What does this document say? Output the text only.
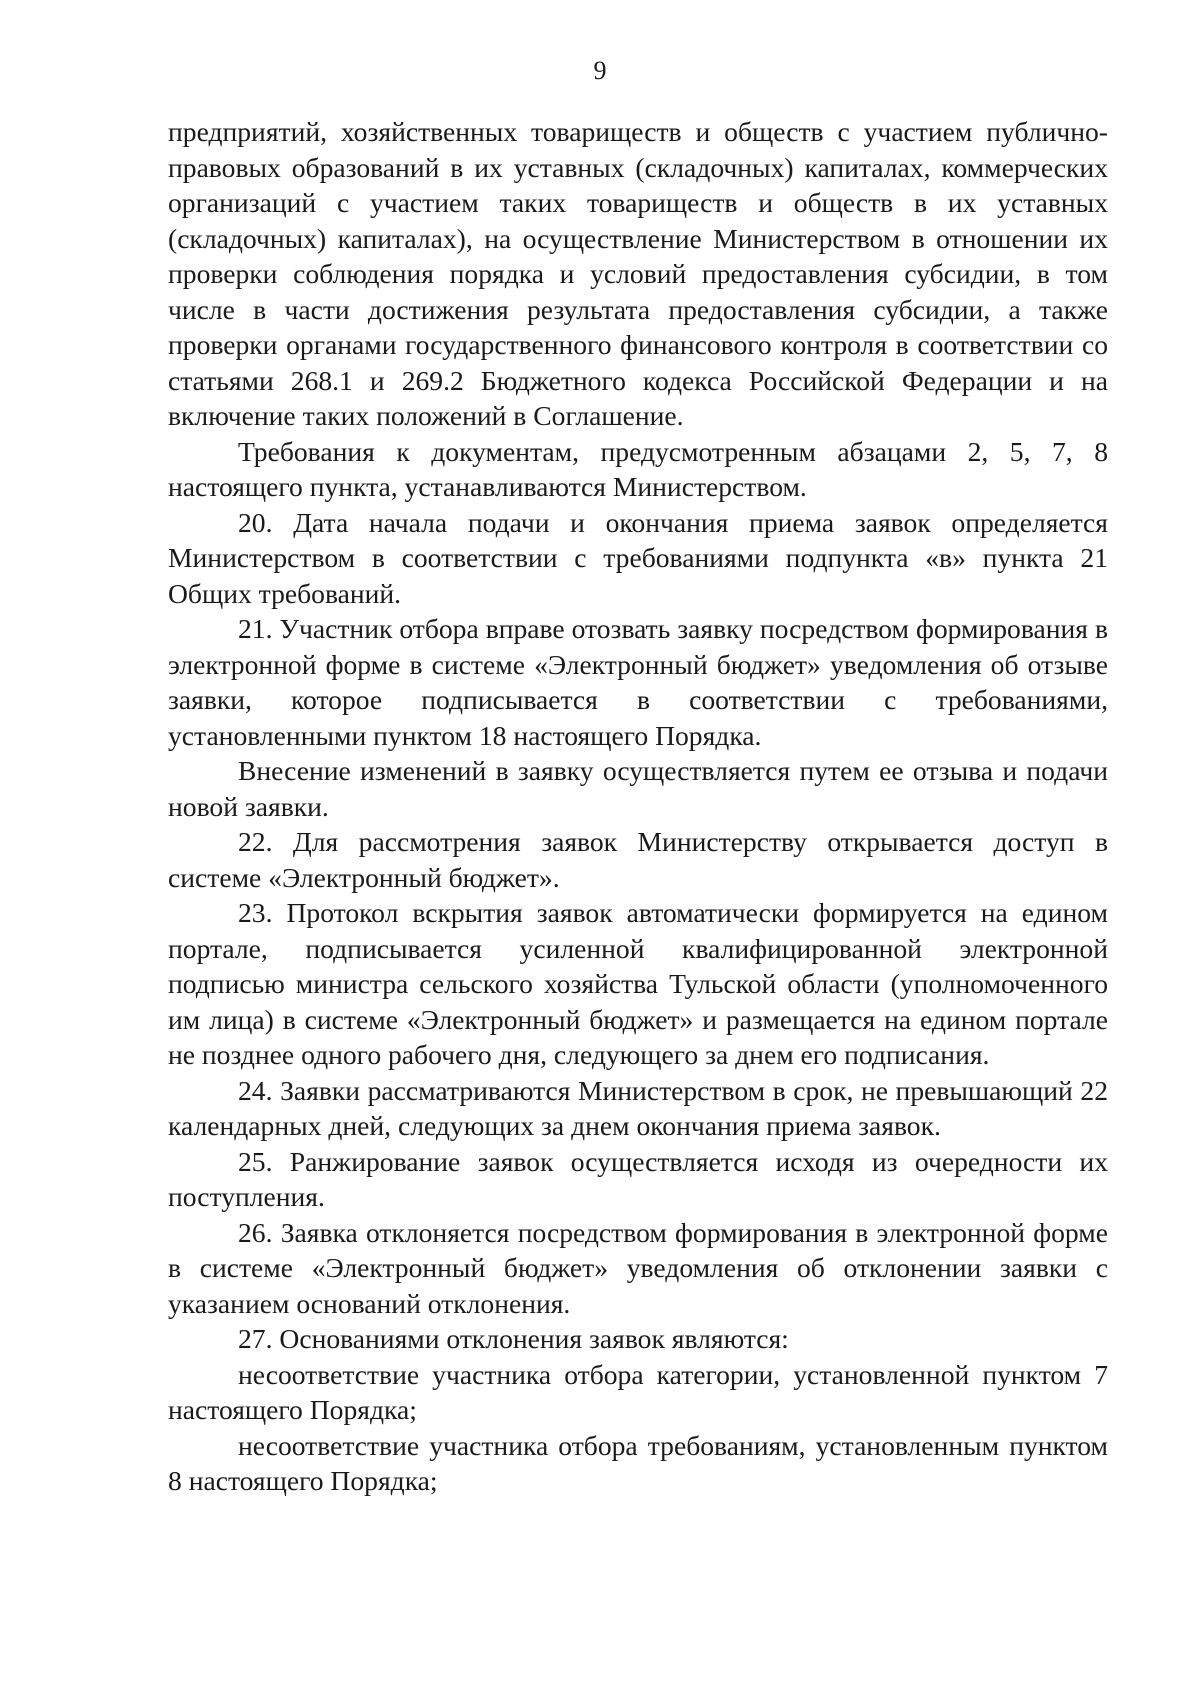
9

предприятий, хозяйственных товариществ и обществ с участием публично-правовых образований в их уставных (складочных) капиталах, коммерческих организаций с участием таких товариществ и обществ в их уставных (складочных) капиталах), на осуществление Министерством в отношении их проверки соблюдения порядка и условий предоставления субсидии, в том числе в части достижения результата предоставления субсидии, а также проверки органами государственного финансового контроля в соответствии со статьями 268.1 и 269.2 Бюджетного кодекса Российской Федерации и на включение таких положений в Соглашение.

Требования к документам, предусмотренным абзацами 2, 5, 7, 8 настоящего пункта, устанавливаются Министерством.

20. Дата начала подачи и окончания приема заявок определяется Министерством в соответствии с требованиями подпункта «в» пункта 21 Общих требований.

21. Участник отбора вправе отозвать заявку посредством формирования в электронной форме в системе «Электронный бюджет» уведомления об отзыве заявки, которое подписывается в соответствии с требованиями, установленными пунктом 18 настоящего Порядка.

Внесение изменений в заявку осуществляется путем ее отзыва и подачи новой заявки.

22. Для рассмотрения заявок Министерству открывается доступ в системе «Электронный бюджет».

23. Протокол вскрытия заявок автоматически формируется на едином портале, подписывается усиленной квалифицированной электронной подписью министра сельского хозяйства Тульской области (уполномоченного им лица) в системе «Электронный бюджет» и размещается на едином портале не позднее одного рабочего дня, следующего за днем его подписания.

24. Заявки рассматриваются Министерством в срок, не превышающий 22 календарных дней, следующих за днем окончания приема заявок.

25. Ранжирование заявок осуществляется исходя из очередности их поступления.

26. Заявка отклоняется посредством формирования в электронной форме в системе «Электронный бюджет» уведомления об отклонении заявки с указанием оснований отклонения.

27. Основаниями отклонения заявок являются:

несоответствие участника отбора категории, установленной пунктом 7 настоящего Порядка;

несоответствие участника отбора требованиям, установленным пунктом 8 настоящего Порядка;
